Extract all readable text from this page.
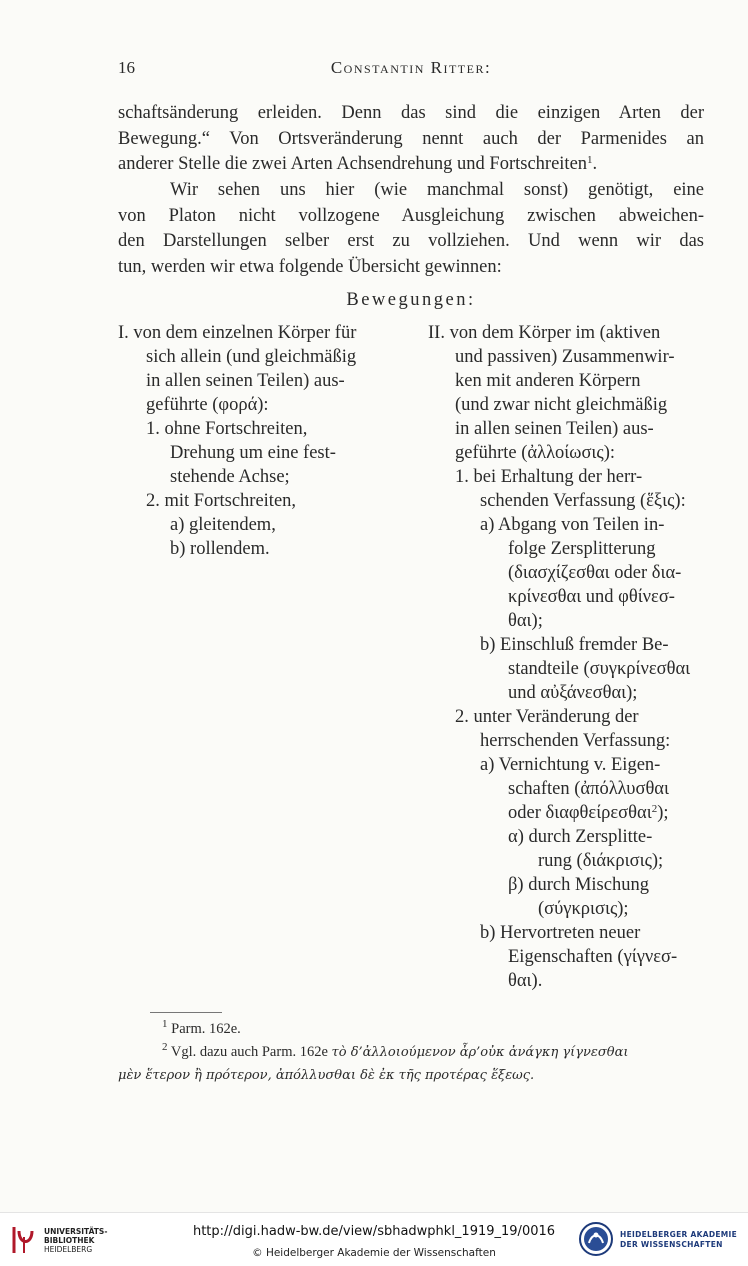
16	Constantin Ritter:
schaftsänderung erleiden. Denn das sind die einzigen Arten der
Bewegung.“ Von Ortsveränderung nennt auch der Parmenides an
anderer Stelle die zwei Arten Achsendrehung und Fortschreiten$^1$.
Wir sehen uns hier (wie manchmal sonst) genötigt, eine
von Platon nicht vollzogene Ausgleichung zwischen abweichen-
den Darstellungen selber erst zu vollziehen. Und wenn wir das
tun, werden wir etwa folgende Übersicht gewinnen:
Bewegungen:
I. von dem einzelnen Körper für
sich allein (und gleichmäßig
in allen seinen Teilen) aus-
geführte (φορά):
1. ohne Fortschreiten,
Drehung um eine fest-
stehende Achse;
2. mit Fortschreiten,
a) gleitendem,
b) rollendem.
II. von dem Körper im (aktiven
und passiven) Zusammenwir-
ken mit anderen Körpern
(und zwar nicht gleichmäßig
in allen seinen Teilen) aus-
geführte (ἀλλοίωσις):
1. bei Erhaltung der herr-
schenden Verfassung (ἕξις):
a) Abgang von Teilen in-
folge Zersplitterung
(διασχίζεσθαι oder δια-
κρίνεσθαι und φθίνεσ-
θαι);
b) Einschluß fremder Be-
standteile (συγκρίνεσθαι
und αὐξάνεσθαι);
2. unter Veränderung der
herrschenden Verfassung:
a) Vernichtung v. Eigen-
schaften (ἀπόλλυσθαι
oder διαφθείρεσθαι$^2$);
α) durch Zersplitte-
rung (διάκρισις);
β) durch Mischung
(σύγκρισις);
b) Hervortreten neuer
Eigenschaften (γίγνεσ-
θαι).
$^1$ Parm. 162e.
$^2$ Vgl. dazu auch Parm. 162e τὸ δ’ἀλλοιούμενον ἆρ’οὐκ ἀνάγκη γίγνεσθαι
μὲν ἕτερον ἢ πρότερον, ἀπόλλυσθαι δὲ ἐκ τῆς προτέρας ἕξεως.
UNIVERSITÄTS-
BIBLIOTHEK
HEIDELBERG
http://digi.hadw-bw.de/view/sbhadwphkl_1919_19/0016
© Heidelberger Akademie der Wissenschaften
HEIDELBERGER AKADEMIE
DER WISSENSCHAFTEN
